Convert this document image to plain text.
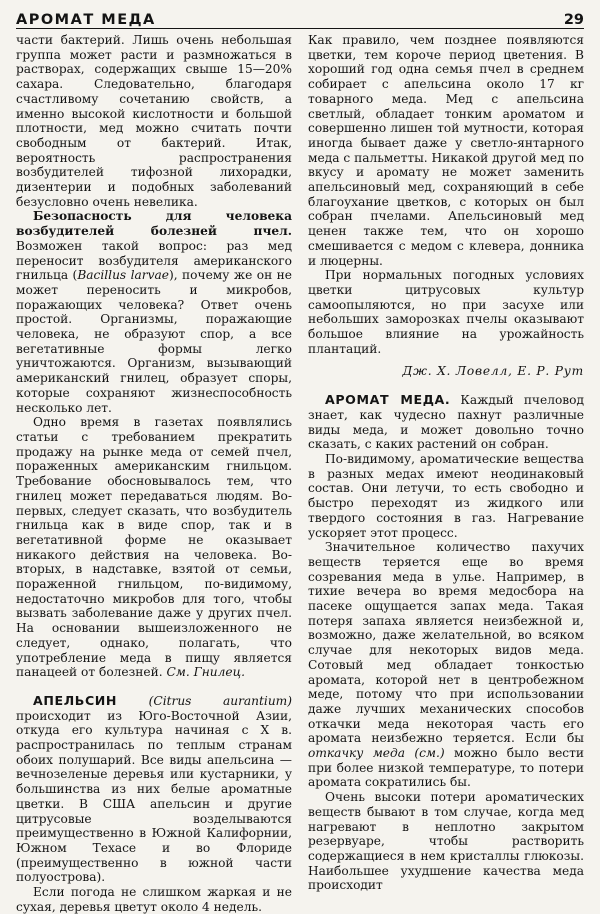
АРОМАТ МЕДА	29

части бактерий. Лишь очень небольшая группа может расти и размножаться в растворах, содержащих свыше 15—20% сахара. Следовательно, благодаря счастливому сочетанию свойств, а именно высокой кислотности и большой плотности, мед можно считать почти свободным от бактерий. Итак, вероятность распространения возбудителей тифозной лихорадки, дизентерии и подобных заболеваний безусловно очень невелика.

Безопасность для человека возбудителей болезней пчел. Возможен такой вопрос: раз мед переносит возбудителя американского гнильца (Bacillus larvae), почему же он не может переносить и микробов, поражающих человека? Ответ очень простой. Организмы, поражающие человека, не образуют спор, а все вегетативные формы легко уничтожаются. Организм, вызывающий американский гнилец, образует споры, которые сохраняют жизнеспособность несколько лет.

Одно время в газетах появлялись статьи с требованием прекратить продажу на рынке меда от семей пчел, пораженных американским гнильцом. Требование обосновывалось тем, что гнилец может передаваться людям. Во-первых, следует сказать, что возбудитель гнильца как в виде спор, так и в вегетативной форме не оказывает никакого действия на человека. Во-вторых, в надставке, взятой от семьи, пораженной гнильцом, по-видимому, недостаточно микробов для того, чтобы вызвать заболевание даже у других пчел. На основании вышеизложенного не следует, однако, полагать, что употребление меда в пищу является панацеей от болезней. См. Гнилец.

АПЕЛЬСИН	(Citrus aurantium) происходит из Юго-Восточной Азии, откуда его культура начиная с X в. распространилась по теплым странам обоих полушарий. Все виды апельсина — вечнозеленые деревья или кустарники, у большинства из них белые ароматные цветки. В США апельсин и другие цитрусовые возделываются преимущественно в Южной Калифорнии, Южном Техасе и во Флориде (преимущественно в южной части полуострова).

Если погода не слишком жаркая и не сухая, деревья цветут около 4 недель.

Как правило, чем позднее появляются цветки, тем короче период цветения. В хороший год одна семья пчел в среднем собирает с апельсина около 17 кг товарного меда. Мед с апельсина светлый, обладает тонким ароматом и совершенно лишен той мутности, которая иногда бывает даже у светло-янтарного меда с пальметты. Никакой другой мед по вкусу и аромату не может заменить апельсиновый мед, сохраняющий в себе благоухание цветков, с которых он был собран пчелами. Апельсиновый мед ценен также тем, что он хорошо смешивается с медом с клевера, донника и люцерны.

При нормальных погодных условиях цветки цитрусовых культур самоопыляются, но при засухе или небольших заморозках пчелы оказывают большое влияние на урожайность плантаций.

Дж. Х. Ловелл, Е. Р. Рут

АРОМАТ МЕДА. Каждый пчеловод знает, как чудесно пахнут различные виды меда, и может довольно точно сказать, с каких растений он собран.

По-видимому, ароматические вещества в разных медах имеют неодинаковый состав. Они летучи, то есть свободно и быстро переходят из жидкого или твердого состояния в газ. Нагревание ускоряет этот процесс.

Значительное количество пахучих веществ теряется еще во время созревания меда в улье. Например, в тихие вечера во время медосбора на пасеке ощущается запах меда. Такая потеря запаха является неизбежной и, возможно, даже желательной, во всяком случае для некоторых видов меда. Сотовый мед обладает тонкостью аромата, которой нет в центробежном меде, потому что при использовании даже лучших механических способов откачки меда некоторая часть его аромата неизбежно теряется. Если бы откачку меда (см.) можно было вести при более низкой температуре, то потери аромата сократились бы.

Очень высоки потери ароматических веществ бывают в том случае, когда мед нагревают в неплотно закрытом резервуаре, чтобы растворить содержащиеся в нем кристаллы глюкозы. Наибольшее ухудшение качества меда происходит
